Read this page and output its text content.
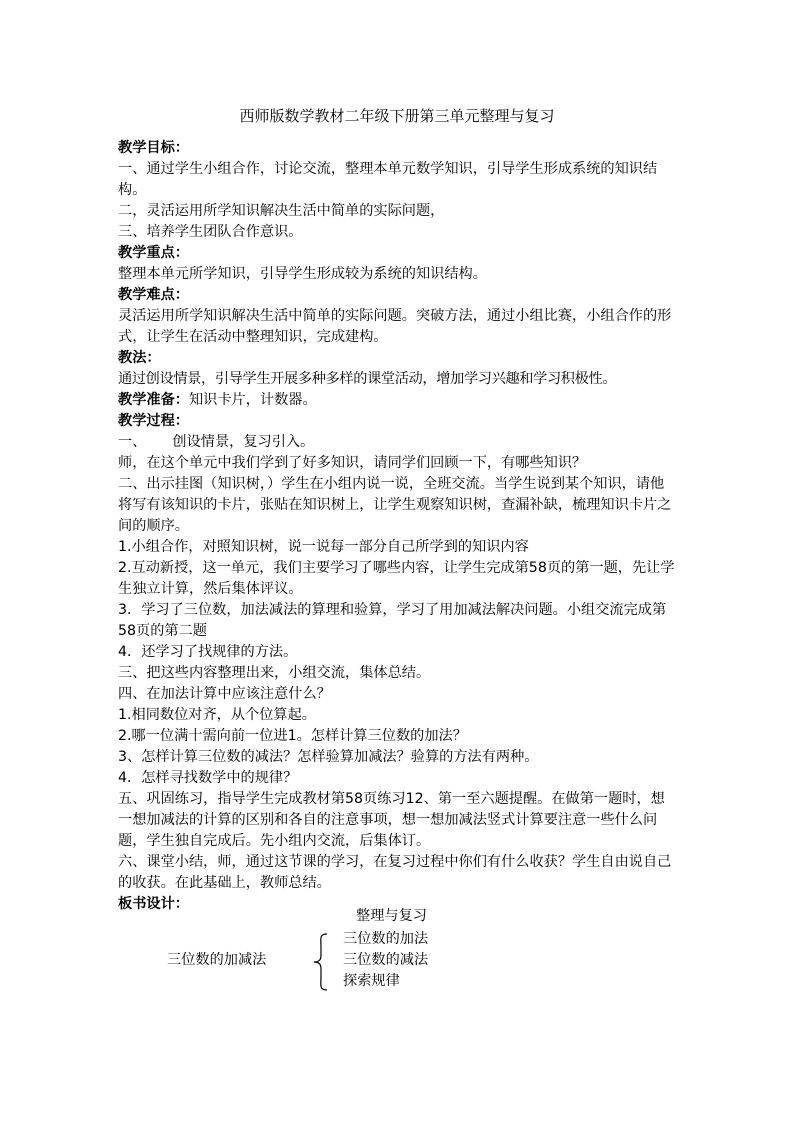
西师版数学教材二年级下册第三单元整理与复习
教学目标：
一、通过学生小组合作，讨论交流，整理本单元数学知识，引导学生形成系统的知识结构。
二，灵活运用所学知识解决生活中简单的实际问题，
三、培养学生团队合作意识。
教学重点：
整理本单元所学知识，引导学生形成较为系统的知识结构。
教学难点：
灵活运用所学知识解决生活中简单的实际问题。突破方法，通过小组比赛，小组合作的形式，让学生在活动中整理知识，完成建构。
教法：
通过创设情景，引导学生开展多种多样的课堂活动，增加学习兴趣和学习积极性。
教学准备：知识卡片，计数器。
教学过程：
一、 创设情景，复习引入。
师，在这个单元中我们学到了好多知识，请同学们回顾一下，有哪些知识？
二、出示挂图（知识树，）学生在小组内说一说，全班交流。当学生说到某个知识，请他将写有该知识的卡片，张贴在知识树上，让学生观察知识树，查漏补缺，梳理知识卡片之间的顺序。
1.小组合作，对照知识树，说一说每一部分自己所学到的知识内容
2.互动新授，这一单元，我们主要学习了哪些内容，让学生完成第58页的第一题，先让学生独立计算，然后集体评议。
3．学习了三位数，加法减法的算理和验算，学习了用加减法解决问题。小组交流完成第58页的第二题
4．还学习了找规律的方法。
三、把这些内容整理出来，小组交流，集体总结。
四、在加法计算中应该注意什么？
1.相同数位对齐，从个位算起。
2.哪一位满十需向前一位进1。怎样计算三位数的加法？
3、怎样计算三位数的减法？怎样验算加减法？验算的方法有两种。
4．怎样寻找数学中的规律？
五、巩固练习，指导学生完成教材第58页练习12、第一至六题提醒。在做第一题时，想一想加减法的计算的区别和各自的注意事项，想一想加减法竖式计算要注意一些什么问题，学生独自完成后。先小组内交流，后集体订。
六、课堂小结，师，通过这节课的学习，在复习过程中你们有什么收获？学生自由说自己的收获。在此基础上，教师总结。
板书设计：
整理与复习
三位数的加减法
三位数的加法
三位数的减法
探索规律
